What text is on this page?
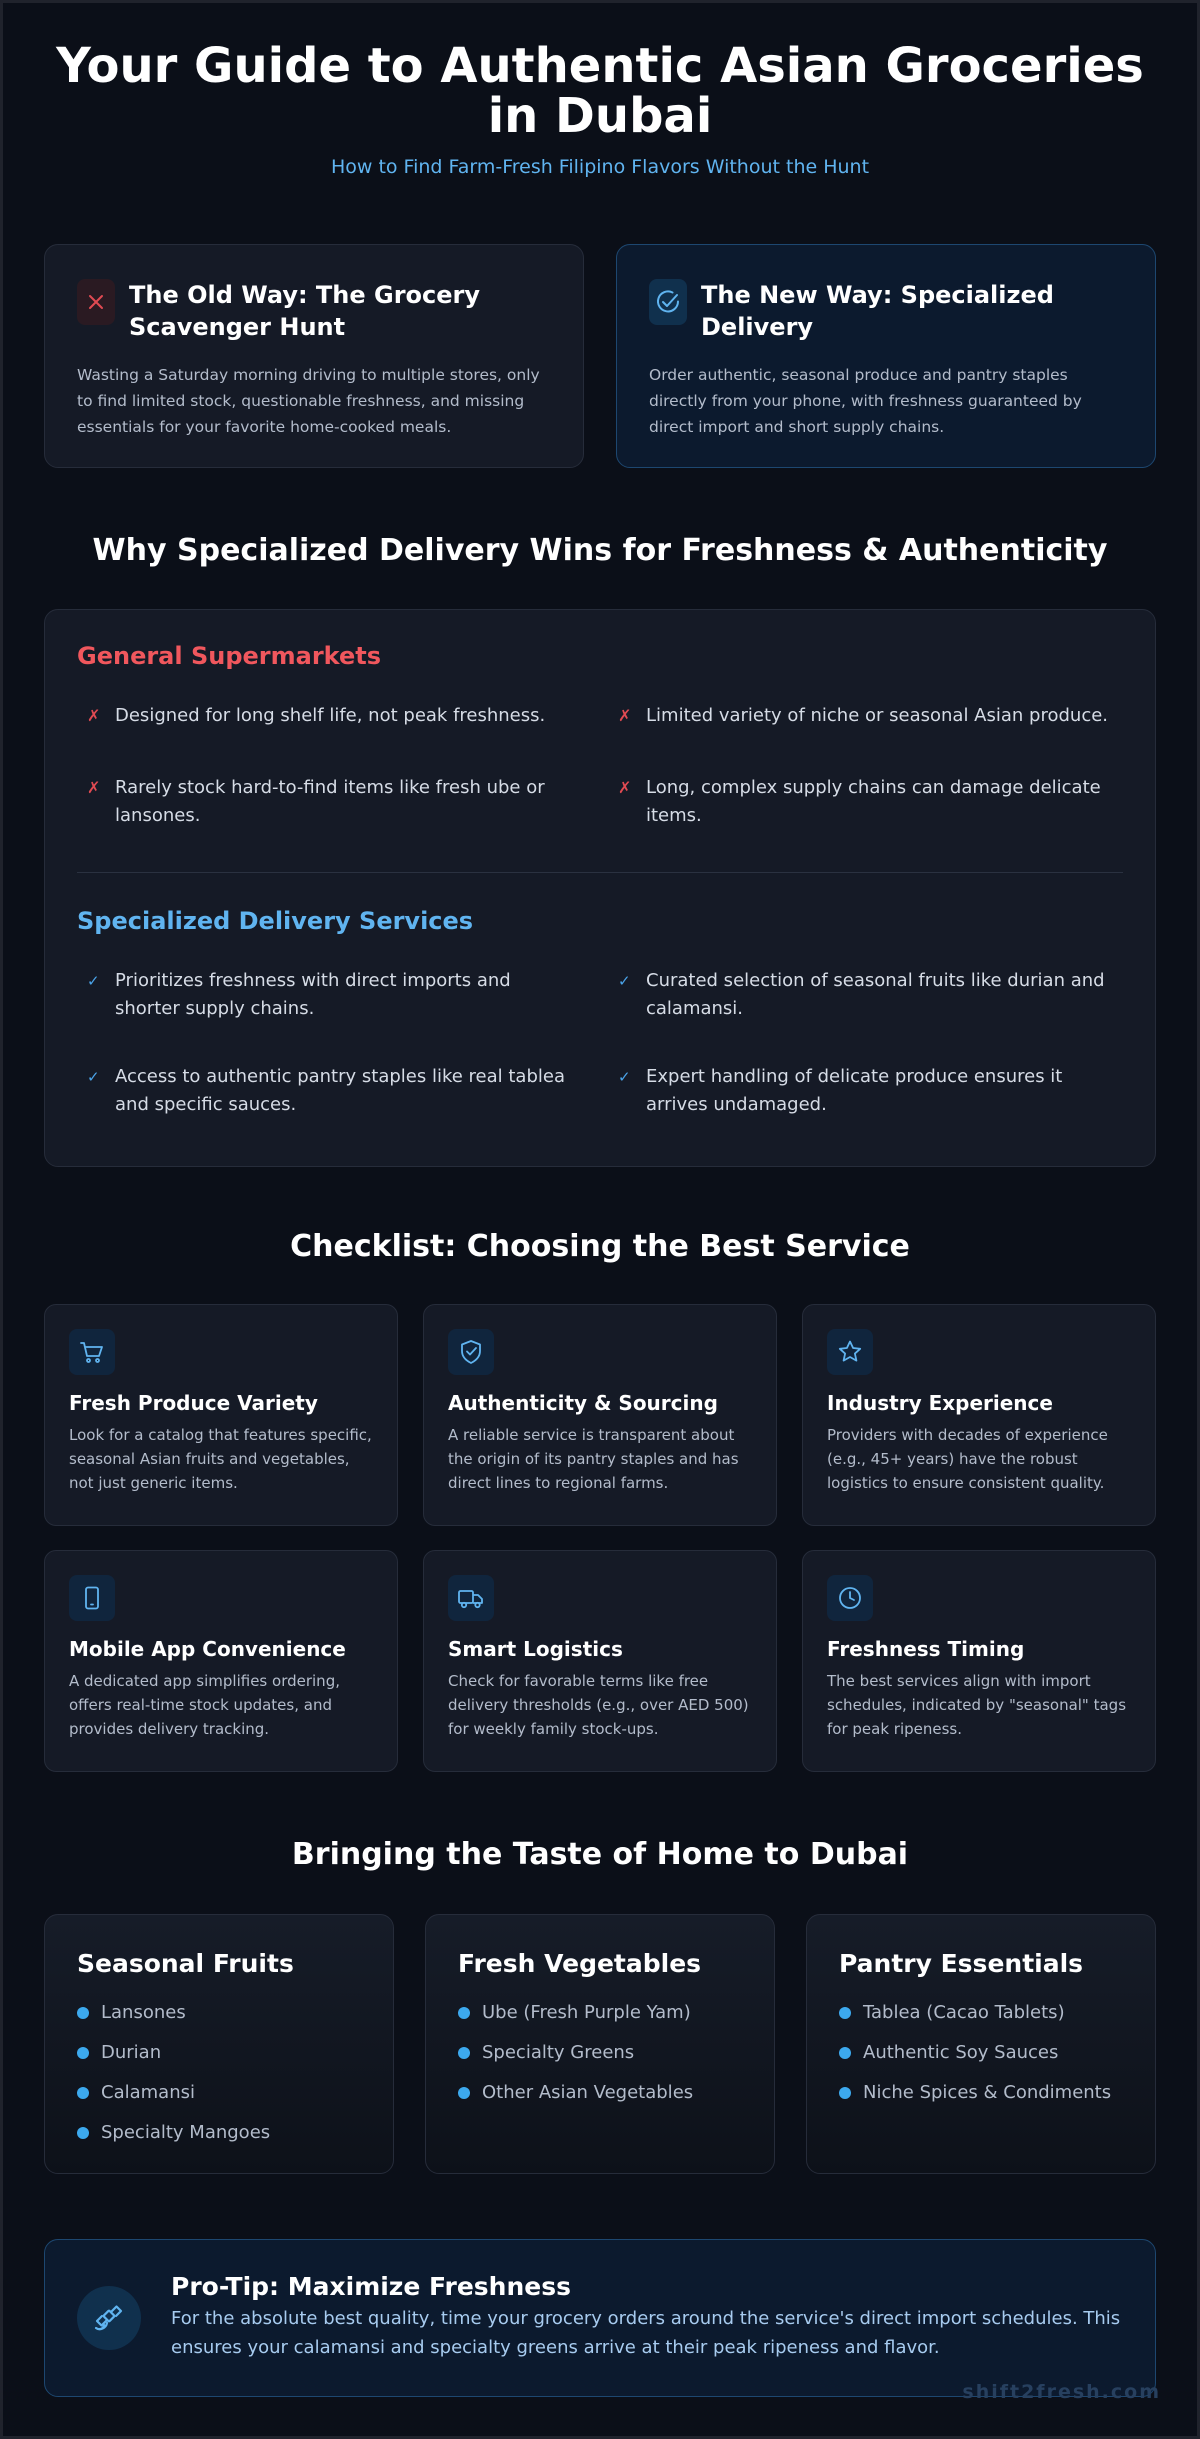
Your Guide to Authentic Asian Groceries in Dubai
How to Find Farm-Fresh Filipino Flavors Without the Hunt
The Old Way: The Grocery Scavenger Hunt

Wasting a Saturday morning driving to multiple stores, only to find limited stock, questionable freshness, and missing essentials for your favorite home-cooked meals.

The New Way: Specialized Delivery

Order authentic, seasonal produce and pantry staples directly from your phone, with freshness guaranteed by direct import and short supply chains.

Why Specialized Delivery Wins for Freshness & Authenticity
General Supermarkets
✗ Designed for long shelf life, not peak freshness.	✗ Limited variety of niche or seasonal Asian produce.
✗ Rarely stock hard-to-find items like fresh ube or lansones.
✗ Long, complex supply chains can damage delicate items.
Specialized Delivery Services
✓ Prioritizes freshness with direct imports and shorter supply chains.
✓ Curated selection of seasonal fruits like durian and calamansi.
✓ Access to authentic pantry staples like real tablea and specific sauces.
✓ Expert handling of delicate produce ensures it arrives undamaged.
Checklist: Choosing the Best Service
Fresh Produce Variety

Look for a catalog that features specific, seasonal Asian fruits and vegetables, not just generic items.

Authenticity & Sourcing

A reliable service is transparent about the origin of its pantry staples and has direct lines to regional farms.

Industry Experience

Providers with decades of experience (e.g., 45+ years) have the robust logistics to ensure consistent quality.

Mobile App Convenience

A dedicated app simplifies ordering, offers real-time stock updates, and provides delivery tracking.

Smart Logistics

Check for favorable terms like free delivery thresholds (e.g., over AED 500) for weekly family stock-ups.

Freshness Timing

The best services align with import schedules, indicated by "seasonal" tags for peak ripeness.

Bringing the Taste of Home to Dubai
Seasonal Fruits
Lansones
Durian
Calamansi
Specialty Mangoes
Fresh Vegetables
Ube (Fresh Purple Yam)
Specialty Greens
Other Asian Vegetables
Pantry Essentials
Tablea (Cacao Tablets)
Authentic Soy Sauces
Niche Spices & Condiments
Pro-Tip: Maximize Freshness

For the absolute best quality, time your grocery orders around the service's direct import schedules. This ensures your calamansi and specialty greens arrive at their peak ripeness and flavor.

shift2fresh.com
